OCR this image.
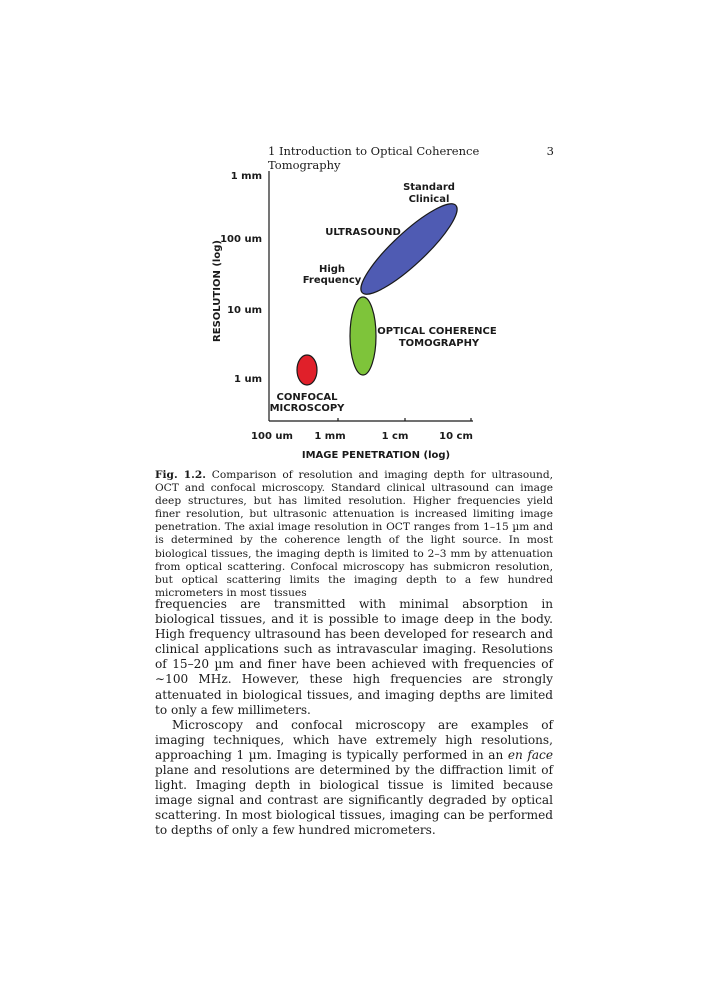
1 Introduction to Optical Coherence Tomography
3
1 mm
100 um
10 um
1 um
100 um 1 mm	1 cm	10 cm
IMAGE PENETRATION (log)
RESOLUTION (log)
Standard
Clinical
ULTRASOUND
High
Frequency
OPTICAL COHERENCE
TOMOGRAPHY
CONFOCAL
MICROSCOPY
Fig. 1.2. Comparison of resolution and imaging depth for ultrasound, OCT and confocal microscopy. Standard clinical ultrasound can image deep structures, but has limited resolution. Higher frequencies yield finer resolution, but ultrasonic attenuation is increased limiting image penetration. The axial image resolution in OCT ranges from 1–15 µm and is determined by the coherence length of the light source. In most biological tissues, the imaging depth is limited to 2–3 mm by attenuation from optical scattering. Confocal microscopy has submicron resolution, but optical scattering limits the imaging depth to a few hundred micrometers in most tissues

frequencies are transmitted with minimal absorption in biological tissues, and it is possible to image deep in the body. High frequency ultrasound has been developed for research and clinical applications such as intravascular imaging. Resolutions of 15–20 µm and finer have been achieved with frequencies of ∼100 MHz. However, these high frequencies are strongly attenuated in biological tissues, and imaging depths are limited to only a few millimeters.

Microscopy and confocal microscopy are examples of imaging techniques, which have extremely high resolutions, approaching 1 µm. Imaging is typically performed in an en face plane and resolutions are determined by the diffraction limit of light. Imaging depth in biological tissue is limited because image signal and contrast are significantly degraded by optical scattering. In most biological tissues, imaging can be performed to depths of only a few hundred micrometers.
